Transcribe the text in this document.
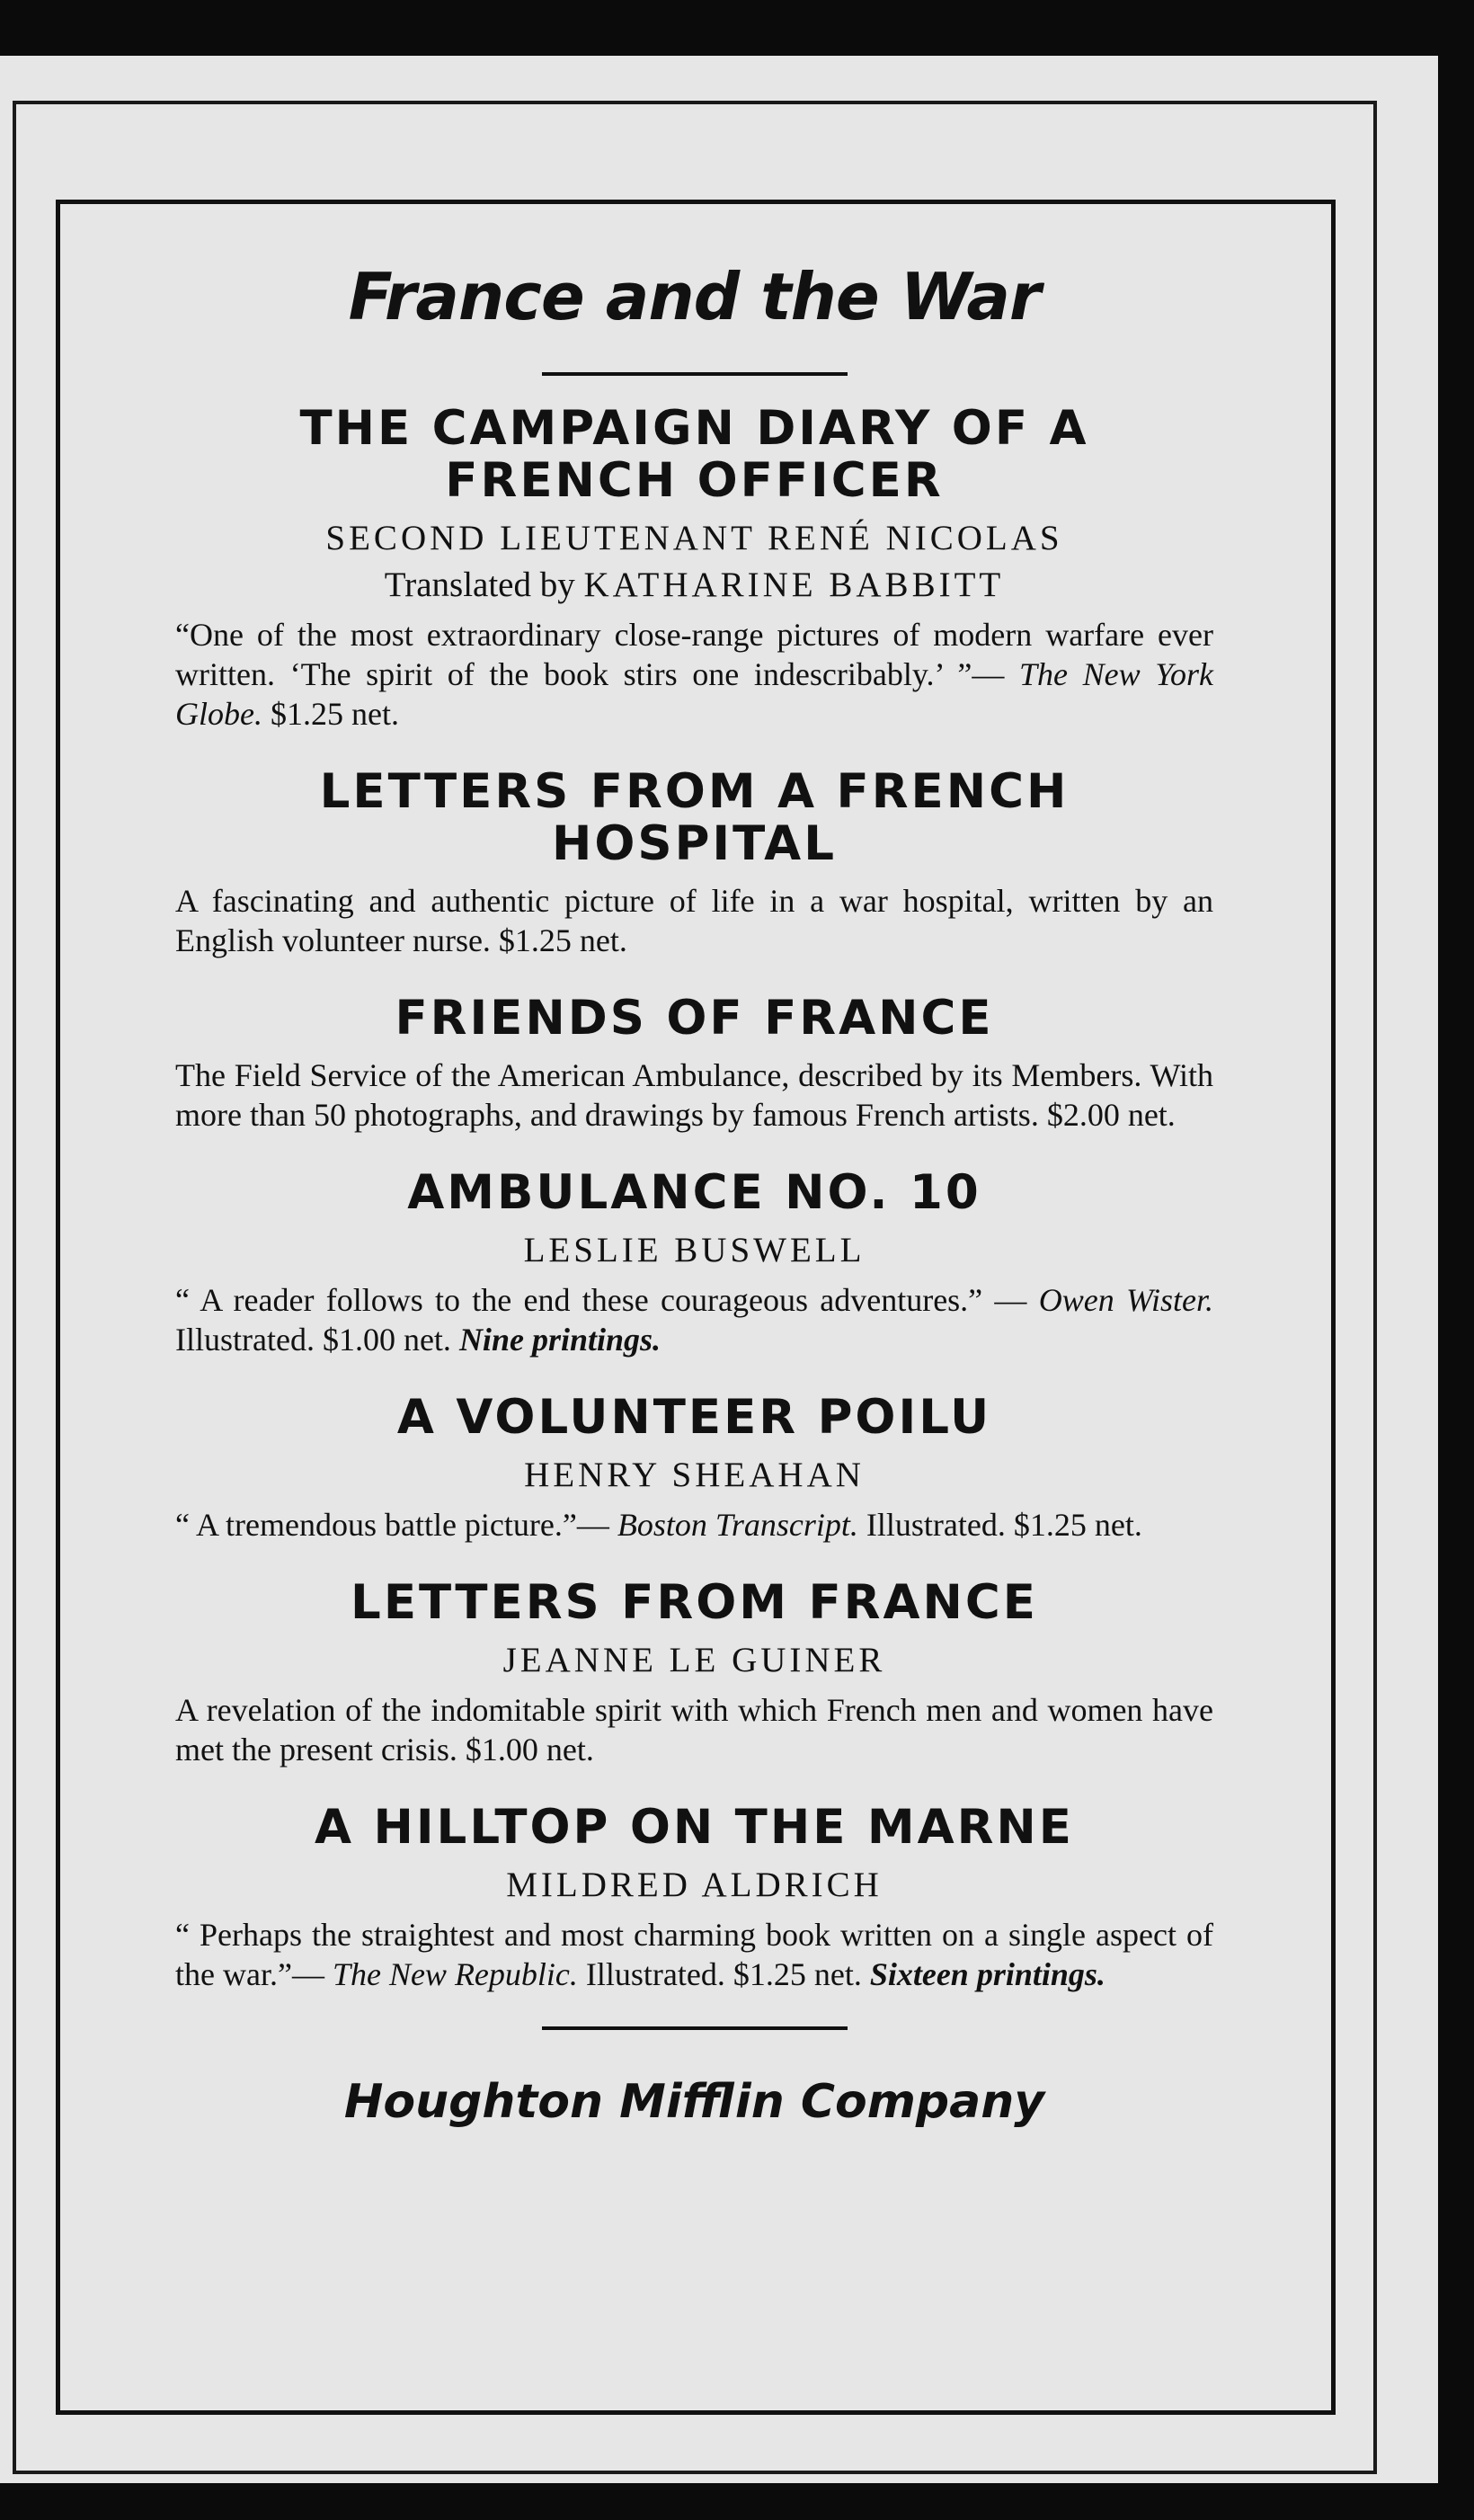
France and the War
THE CAMPAIGN DIARY OF A FRENCH OFFICER
SECOND LIEUTENANT RENÉ NICOLAS
Translated by KATHARINE BABBITT
“One of the most extraordinary close-range pictures of modern warfare ever written. ‘The spirit of the book stirs one indescribably.’ ”— The New York Globe. $1.25 net.
LETTERS FROM A FRENCH HOSPITAL
A fascinating and authentic picture of life in a war hospital, written by an English volunteer nurse. $1.25 net.
FRIENDS OF FRANCE
The Field Service of the American Ambulance, described by its Members. With more than 50 photographs, and drawings by famous French artists. $2.00 net.
AMBULANCE NO. 10
LESLIE BUSWELL
“ A reader follows to the end these courageous adventures.” — Owen Wister. Illustrated. $1.00 net. Nine printings.
A VOLUNTEER POILU
HENRY SHEAHAN
“ A tremendous battle picture.”— Boston Transcript. Illustrated. $1.25 net.
LETTERS FROM FRANCE
JEANNE LE GUINER
A revelation of the indomitable spirit with which French men and women have met the present crisis. $1.00 net.
A HILLTOP ON THE MARNE
MILDRED ALDRICH
“ Perhaps the straightest and most charming book written on a single aspect of the war.”— The New Republic. Illustrated. $1.25 net. Sixteen printings.
Houghton Mifflin Company
